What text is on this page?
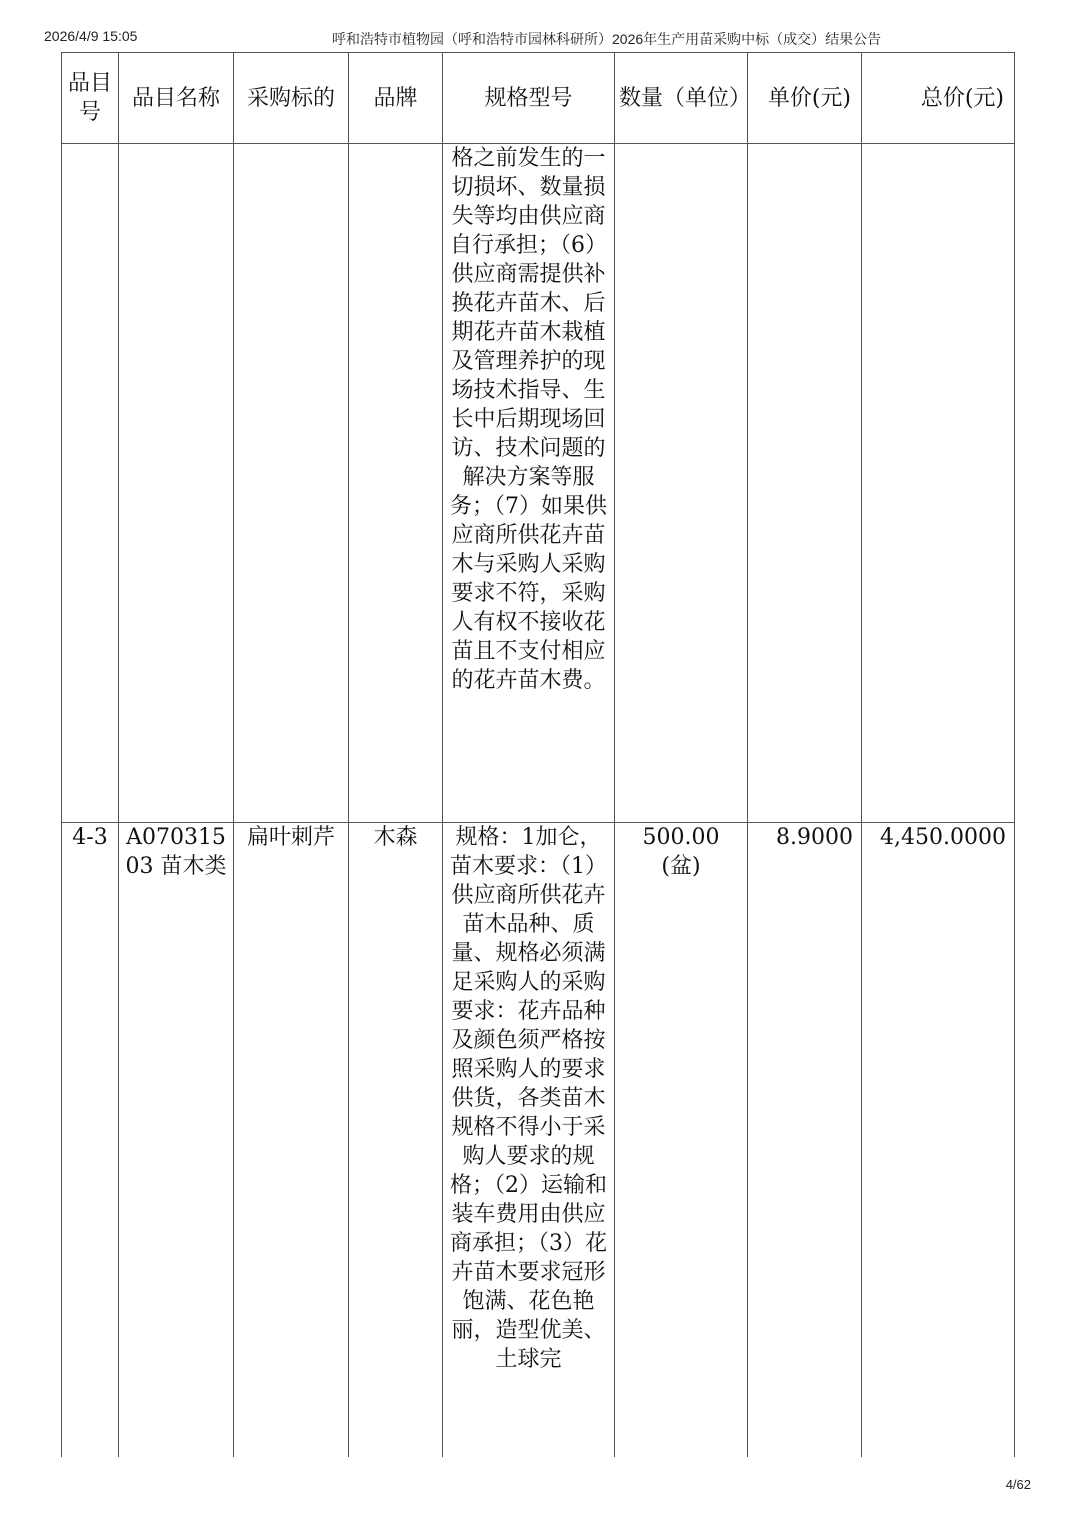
2026/4/9 15:05	呼和浩特市植物园（呼和浩特市园林科研所）2026年生产用苗采购中标（成交）结果公告
品目号	品目名称	采购标的	品牌	规格型号	数量（单位）	单价(元)	总价(元)
				格之前发生的一切损坏、数量损失等均由供应商自行承担；（6）供应商需提供补换花卉苗木、后期花卉苗木栽植及管理养护的现场技术指导、生长中后期现场回访、技术问题的解决方案等服务；（7）如果供应商所供花卉苗木与采购人采购要求不符，采购人有权不接收花苗且不支付相应的花卉苗木费。			
4-3	A07031503 苗木类	扁叶刺芹	木森	规格：1加仑，苗木要求：（1）供应商所供花卉苗木品种、质量、规格必须满足采购人的采购要求：花卉品种及颜色须严格按照采购人的要求供货，各类苗木规格不得小于采购人要求的规格；（2）运输和装车费用由供应商承担；（3）花卉苗木要求冠形饱满、花色艳丽，造型优美、土球完	500.00
(盆)	8.9000	4,450.0000
4/62
